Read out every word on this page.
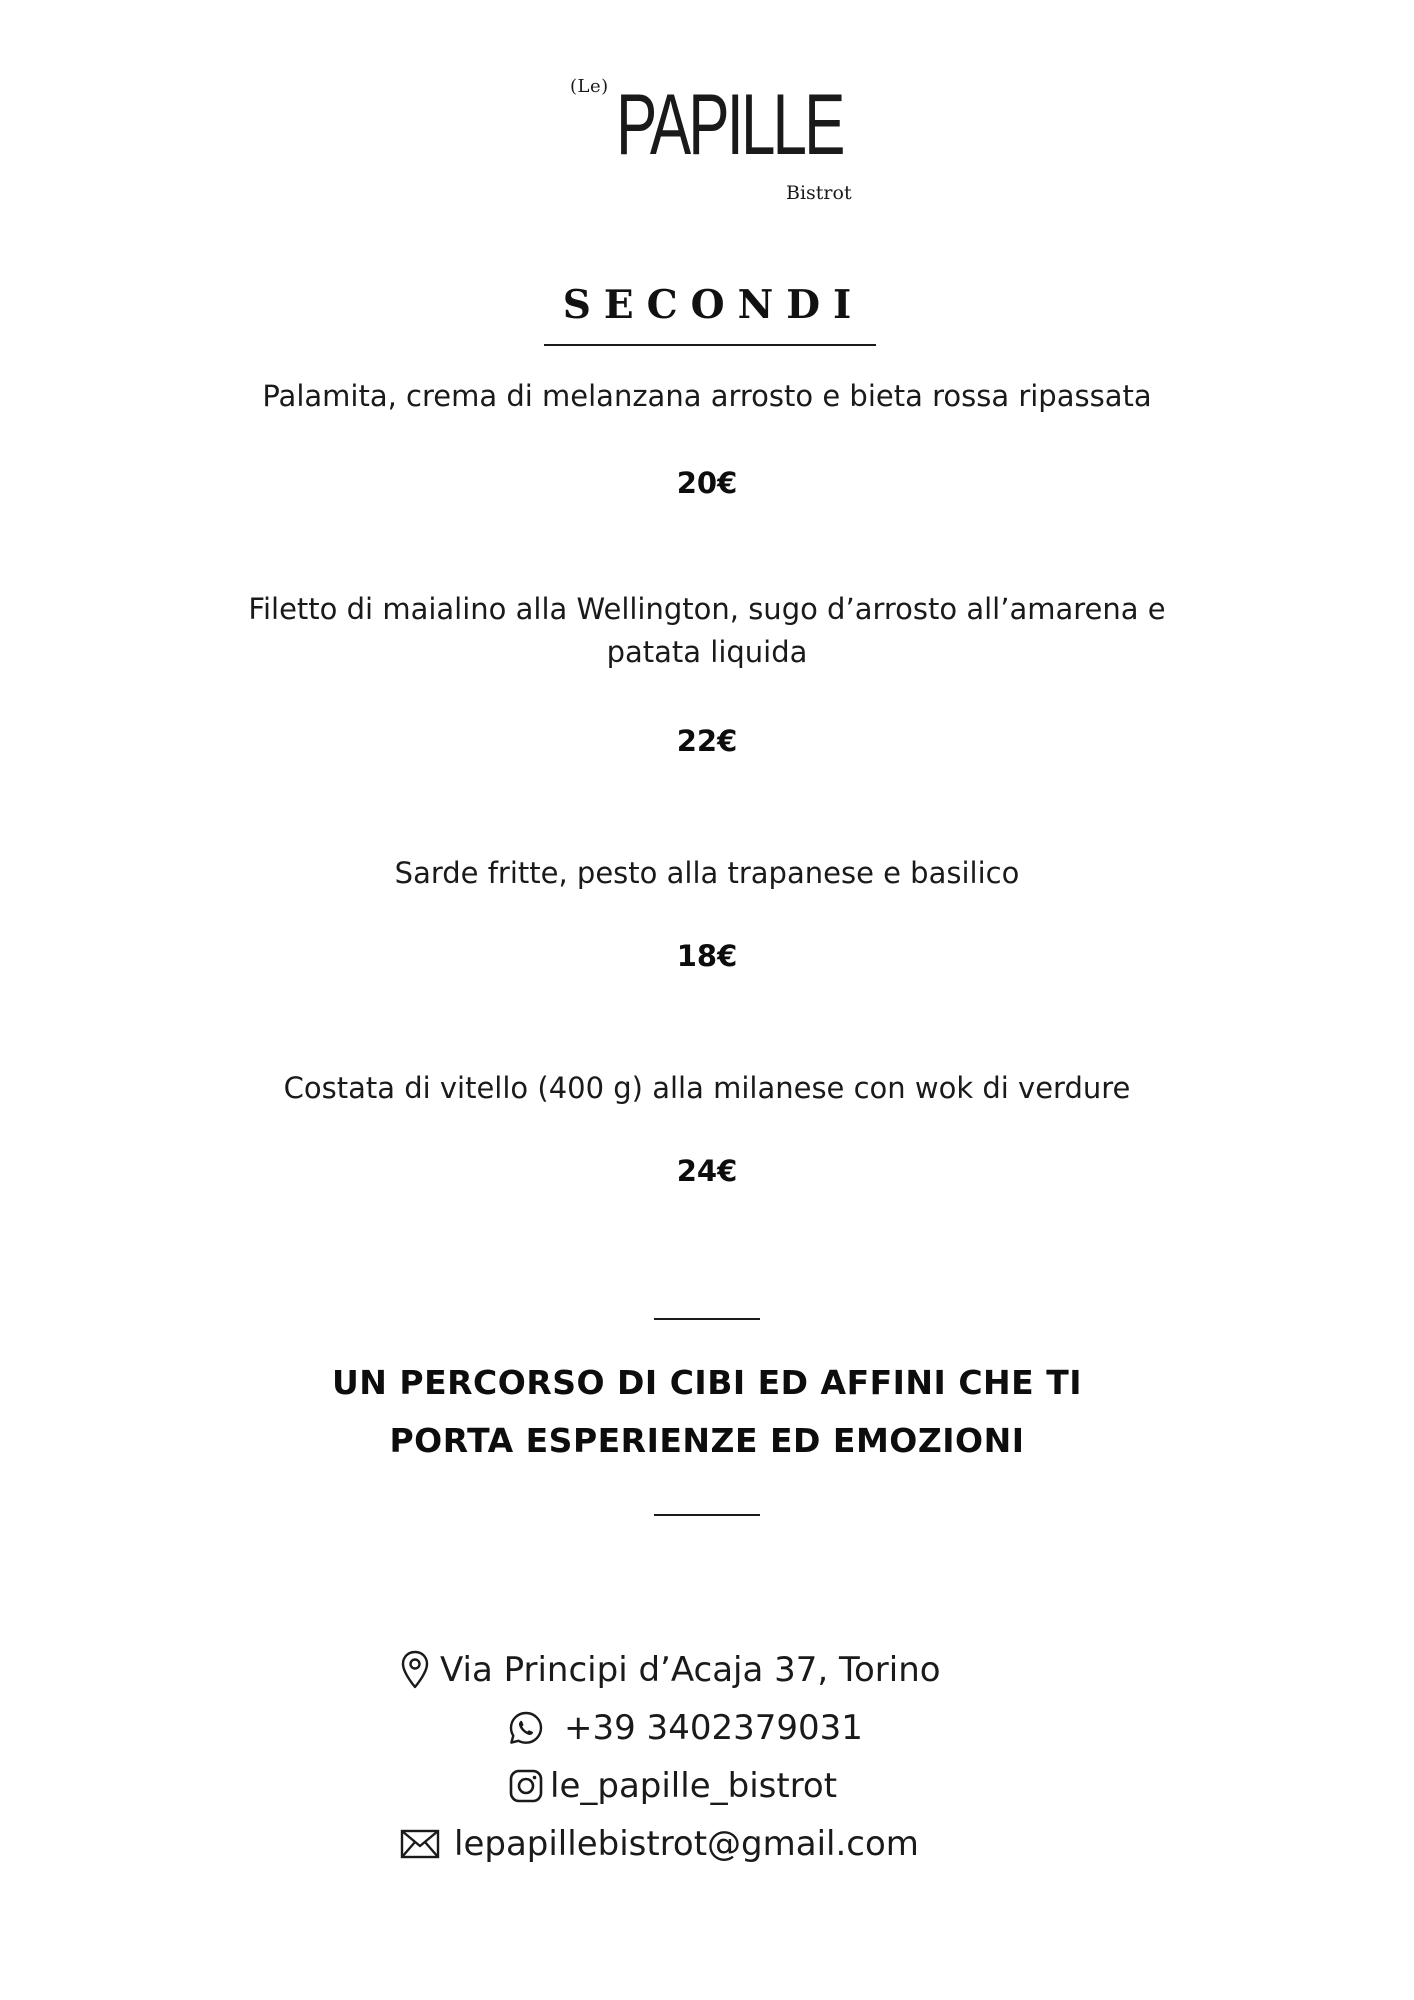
(Le) PAPILLE
Bistrot
SECONDI

Palamita, crema di melanzana arrosto e bieta rossa ripassata

20€

Filetto di maialino alla Wellington, sugo d’arrosto all’amarena e patata liquida

22€

Sarde fritte, pesto alla trapanese e basilico

18€

Costata di vitello (400 g) alla milanese con wok di verdure

24€

UN PERCORSO DI CIBI ED AFFINI CHE TI
PORTA ESPERIENZE ED EMOZIONI
Via Principi d’Acaja 37, Torino
+39 3402379031
le_papille_bistrot
lepapillebistrot@gmail.com
